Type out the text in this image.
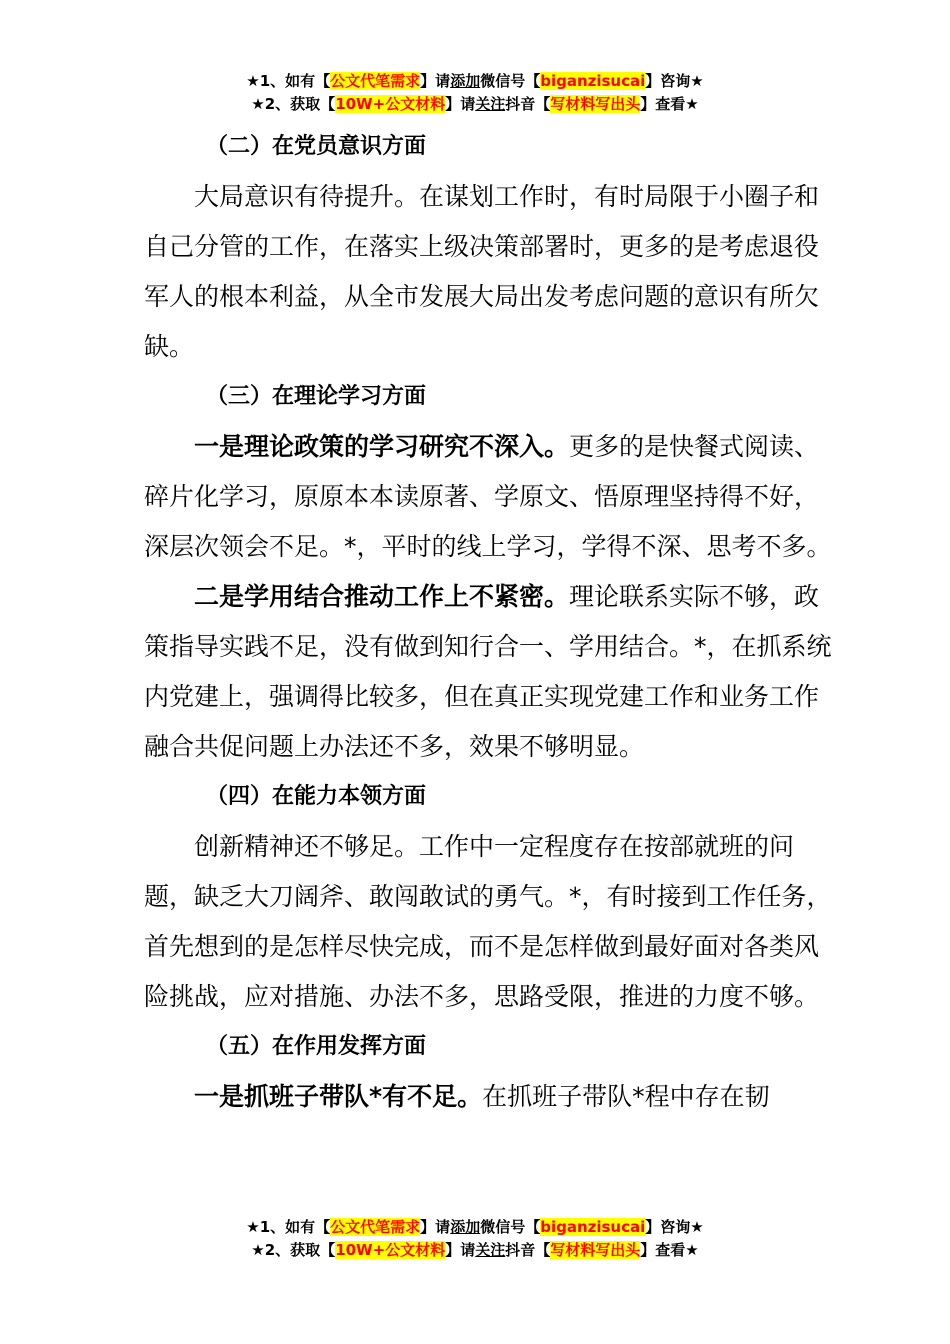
★1、如有【公文代笔需求】请添加微信号【biganzisucai】咨询★
★2、获取【10W+公文材料】请关注抖音【写材料写出头】查看★

（二）在党员意识方面

大局意识有待提升。在谋划工作时，有时局限于小圈子和自己分管的工作，在落实上级决策部署时，更多的是考虑退役军人的根本利益，从全市发展大局出发考虑问题的意识有所欠缺。

（三）在理论学习方面

一是理论政策的学习研究不深入。更多的是快餐式阅读、碎片化学习，原原本本读原著、学原文、悟原理坚持得不好，深层次领会不足。*，平时的线上学习，学得不深、思考不多。

二是学用结合推动工作上不紧密。理论联系实际不够，政策指导实践不足，没有做到知行合一、学用结合。*，在抓系统内党建上，强调得比较多，但在真正实现党建工作和业务工作融合共促问题上办法还不多，效果不够明显。

（四）在能力本领方面

创新精神还不够足。工作中一定程度存在按部就班的问题，缺乏大刀阔斧、敢闯敢试的勇气。*，有时接到工作任务，首先想到的是怎样尽快完成，而不是怎样做到最好面对各类风险挑战，应对措施、办法不多，思路受限，推进的力度不够。

（五）在作用发挥方面

一是抓班子带队*有不足。在抓班子带队*程中存在韧

★1、如有【公文代笔需求】请添加微信号【biganzisucai】咨询★
★2、获取【10W+公文材料】请关注抖音【写材料写出头】查看★
